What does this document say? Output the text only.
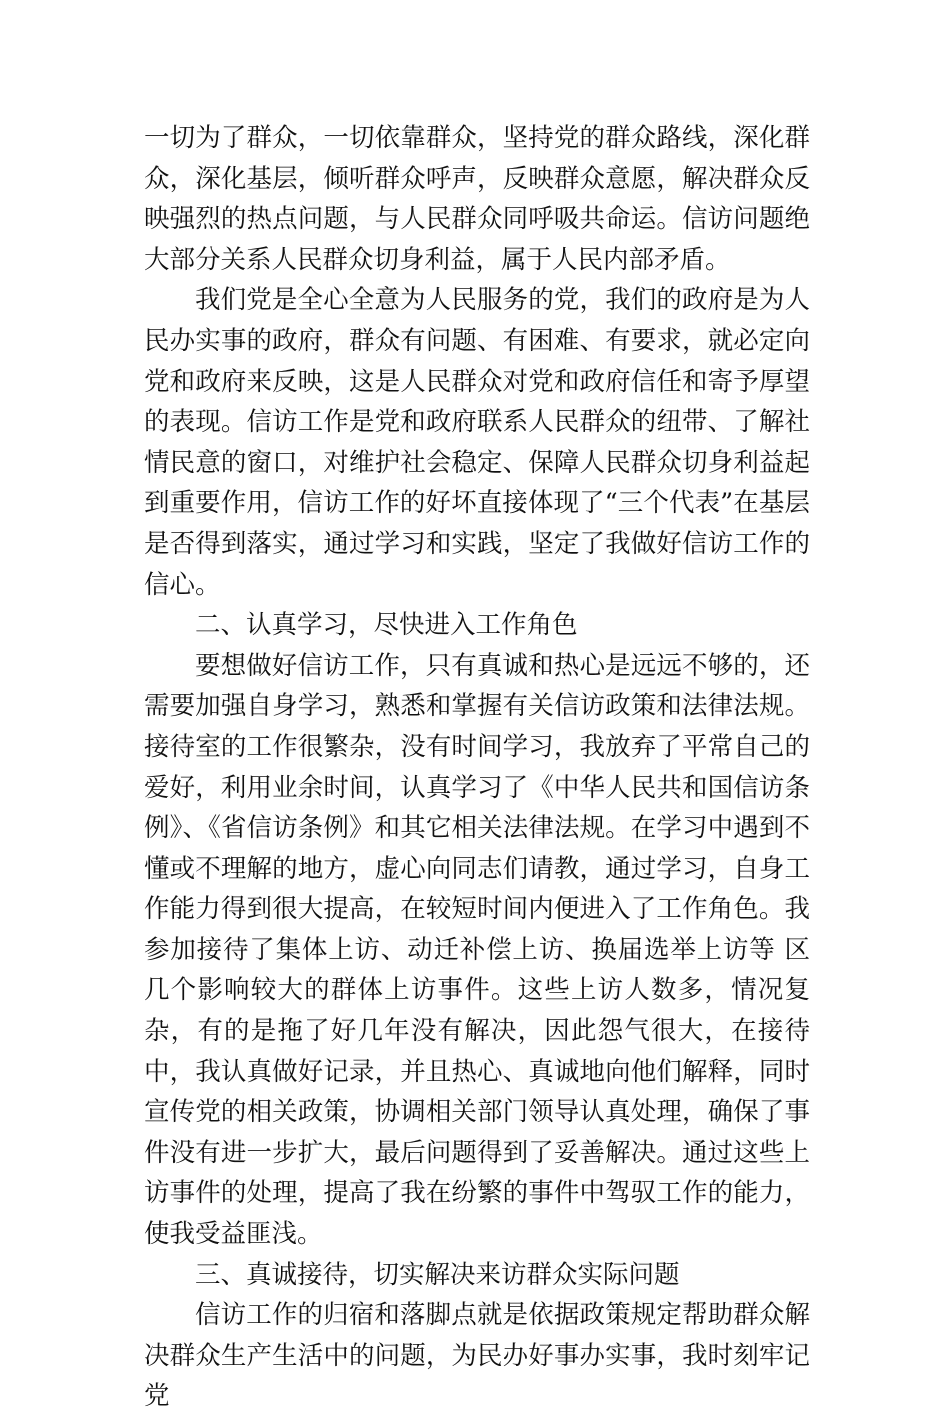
一切为了群众，一切依靠群众，坚持党的群众路线，深化群众，深化基层，倾听群众呼声，反映群众意愿，解决群众反映强烈的热点问题，与人民群众同呼吸共命运。信访问题绝大部分关系人民群众切身利益，属于人民内部矛盾。

我们党是全心全意为人民服务的党，我们的政府是为人民办实事的政府，群众有问题、有困难、有要求，就必定向党和政府来反映，这是人民群众对党和政府信任和寄予厚望的表现。信访工作是党和政府联系人民群众的纽带、了解社情民意的窗口，对维护社会稳定、保障人民群众切身利益起到重要作用，信访工作的好坏直接体现了“三个代表”在基层是否得到落实，通过学习和实践，坚定了我做好信访工作的信心。

二、认真学习，尽快进入工作角色

要想做好信访工作，只有真诚和热心是远远不够的，还需要加强自身学习，熟悉和掌握有关信访政策和法律法规。接待室的工作很繁杂，没有时间学习，我放弃了平常自己的爱好，利用业余时间，认真学习了《中华人民共和国信访条例》、《省信访条例》和其它相关法律法规。在学习中遇到不懂或不理解的地方，虚心向同志们请教，通过学习，自身工作能力得到很大提高，在较短时间内便进入了工作角色。我参加接待了集体上访、动迁补偿上访、换届选举上访等 区几个影响较大的群体上访事件。这些上访人数多，情况复杂，有的是拖了好几年没有解决，因此怨气很大，在接待中，我认真做好记录，并且热心、真诚地向他们解释，同时宣传党的相关政策，协调相关部门领导认真处理，确保了事件没有进一步扩大，最后问题得到了妥善解决。通过这些上访事件的处理，提高了我在纷繁的事件中驾驭工作的能力，使我受益匪浅。

三、真诚接待，切实解决来访群众实际问题

信访工作的归宿和落脚点就是依据政策规定帮助群众解决群众生产生活中的问题，为民办好事办实事，我时刻牢记党
